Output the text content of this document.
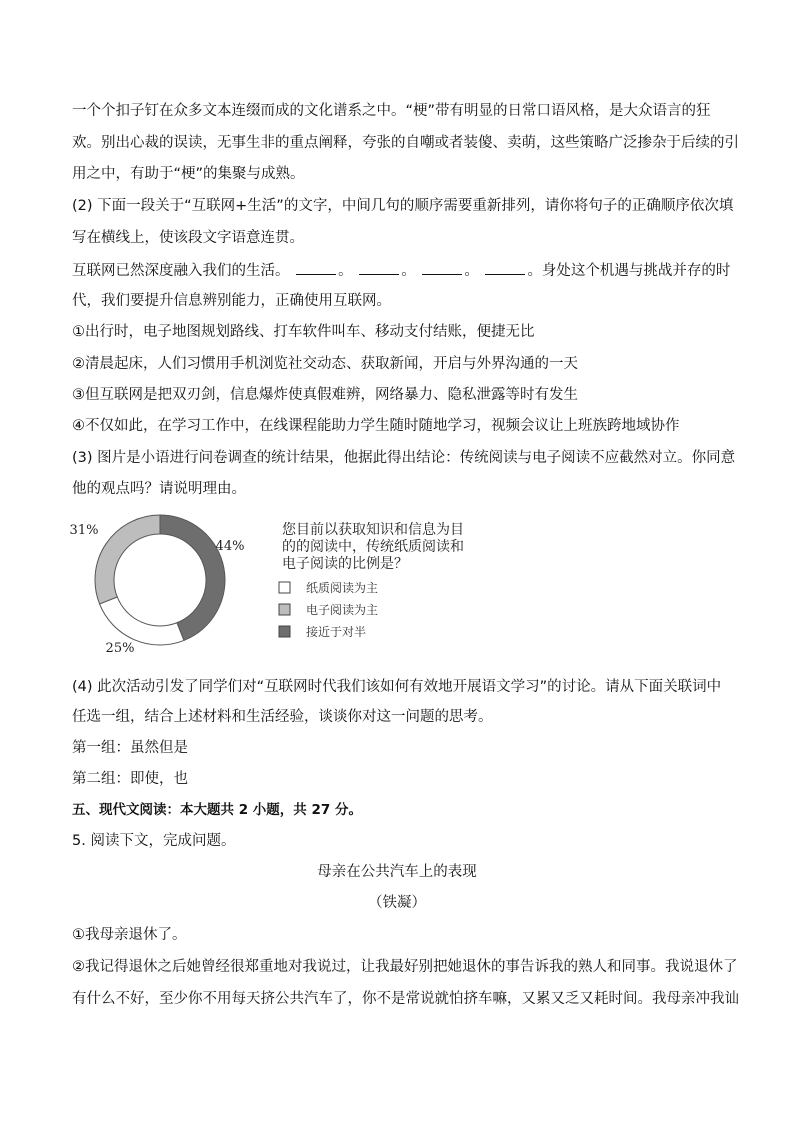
一个个扣子钉在众多文本连缀而成的文化谱系之中。“梗”带有明显的日常口语风格，是大众语言的狂
欢。别出心裁的误读，无事生非的重点阐释，夸张的自嘲或者装傻、卖萌，这些策略广泛掺杂于后续的引
用之中，有助于“梗”的集聚与成熟。
(2) 下面一段关于“互联网+生活”的文字，中间几句的顺序需要重新排列，请你将句子的正确顺序依次填
写在横线上，使该段文字语意连贯。
互联网已然深度融入我们的生活。	。	。	。	。身处这个机遇与挑战并存的时
代，我们要提升信息辨别能力，正确使用互联网。
①出行时，电子地图规划路线、打车软件叫车、移动支付结账，便捷无比
②清晨起床，人们习惯用手机浏览社交动态、获取新闻，开启与外界沟通的一天
③但互联网是把双刃剑，信息爆炸使真假难辨，网络暴力、隐私泄露等时有发生
④不仅如此，在学习工作中，在线课程能助力学生随时随地学习，视频会议让上班族跨地域协作
(3) 图片是小语进行问卷调查的统计结果，他据此得出结论：传统阅读与电子阅读不应截然对立。你同意
他的观点吗？请说明理由。
44%
25%
31%	您目前以获取知识和信息为目
的的阅读中，传统纸质阅读和
电子阅读的比例是？
纸质阅读为主
电子阅读为主
接近于对半
(4) 此次活动引发了同学们对“互联网时代我们该如何有效地开展语文学习”的讨论。请从下面关联词中
任选一组，结合上述材料和生活经验，谈谈你对这一问题的思考。
第一组：虽然但是
第二组：即使，也
五、现代文阅读：本大题共 2 小题，共 27 分。
5. 阅读下文，完成问题。
母亲在公共汽车上的表现
（铁凝）
①我母亲退休了。
②我记得退休之后她曾经很郑重地对我说过，让我最好别把她退休的事告诉我的熟人和同事。我说退休了
有什么不好，至少你不用每天挤公共汽车了，你不是常说就怕挤车嘛，又累又乏又耗时间。我母亲冲我讪
